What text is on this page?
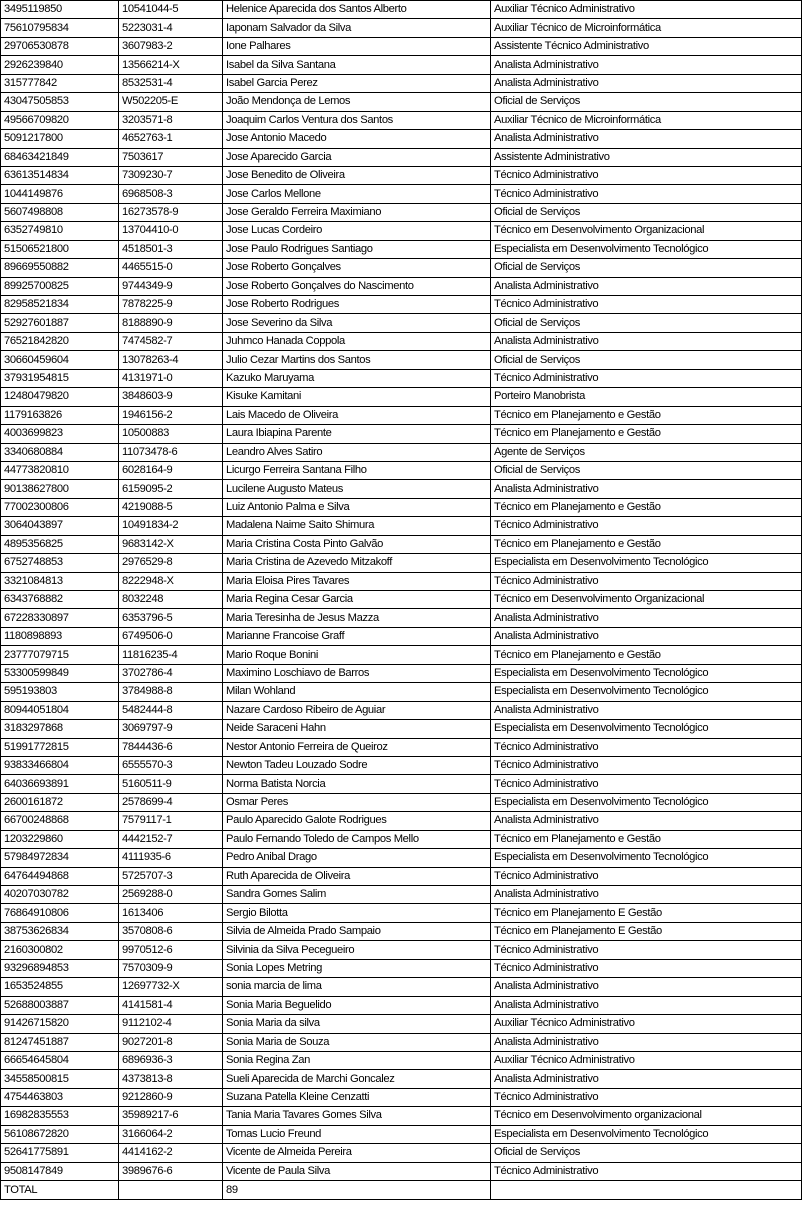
3495119850	10541044-5	Helenice Aparecida dos Santos Alberto	Auxiliar Técnico Administrativo
75610795834	5223031-4	Iaponam Salvador da Silva	Auxiliar Técnico de Microinformática
29706530878	3607983-2	Ione Palhares	Assistente Técnico Administrativo
2926239840	13566214-X	Isabel da Silva Santana	Analista Administrativo
315777842	8532531-4	Isabel Garcia Perez	Analista Administrativo
43047505853	W502205-E	João Mendonça de Lemos	Oficial de Serviços
49566709820	3203571-8	Joaquim Carlos Ventura dos Santos	Auxiliar Técnico de Microinformática
5091217800	4652763-1	Jose Antonio Macedo	Analista Administrativo
68463421849	7503617	Jose Aparecido Garcia	Assistente Administrativo
63613514834	7309230-7	Jose Benedito de Oliveira	Técnico Administrativo
1044149876	6968508-3	Jose Carlos Mellone	Técnico Administrativo
5607498808	16273578-9	Jose Geraldo Ferreira Maximiano	Oficial de Serviços
6352749810	13704410-0	Jose Lucas Cordeiro	Técnico em Desenvolvimento Organizacional
51506521800	4518501-3	Jose Paulo Rodrigues Santiago	Especialista em Desenvolvimento Tecnológico
89669550882	4465515-0	Jose Roberto Gonçalves	Oficial de Serviços
89925700825	9744349-9	Jose Roberto Gonçalves do Nascimento	Analista Administrativo
82958521834	7878225-9	Jose Roberto Rodrigues	Técnico Administrativo
52927601887	8188890-9	Jose Severino da Silva	Oficial de Serviços
76521842820	7474582-7	Juhmco Hanada Coppola	Analista Administrativo
30660459604	13078263-4	Julio Cezar Martins dos Santos	Oficial de Serviços
37931954815	4131971-0	Kazuko Maruyama	Técnico Administrativo
12480479820	3848603-9	Kisuke Kamitani	Porteiro Manobrista
1179163826	1946156-2	Lais Macedo de Oliveira	Técnico em Planejamento e Gestão
4003699823	10500883	Laura Ibiapina Parente	Técnico em Planejamento e Gestão
3340680884	11073478-6	Leandro Alves Satiro	Agente de Serviços
44773820810	6028164-9	Licurgo Ferreira Santana Filho	Oficial de Serviços
90138627800	6159095-2	Lucilene Augusto Mateus	Analista Administrativo
77002300806	4219088-5	Luiz Antonio Palma e Silva	Técnico em Planejamento e Gestão
3064043897	10491834-2	Madalena Naime Saito Shimura	Técnico Administrativo
4895356825	9683142-X	Maria Cristina Costa Pinto Galvão	Técnico em Planejamento e Gestão
6752748853	2976529-8	Maria Cristina de Azevedo Mitzakoff	Especialista em Desenvolvimento Tecnológico
3321084813	8222948-X	Maria Eloisa Pires Tavares	Técnico Administrativo
6343768882	8032248	Maria Regina Cesar Garcia	Técnico em Desenvolvimento Organizacional
67228330897	6353796-5	Maria Teresinha de Jesus Mazza	Analista Administrativo
1180898893	6749506-0	Marianne Francoise Graff	Analista Administrativo
23777079715	11816235-4	Mario Roque Bonini	Técnico em Planejamento e Gestão
53300599849	3702786-4	Maximino Loschiavo de Barros	Especialista em Desenvolvimento Tecnológico
595193803	3784988-8	Milan Wohland	Especialista em Desenvolvimento Tecnológico
80944051804	5482444-8	Nazare Cardoso Ribeiro de Aguiar	Analista Administrativo
3183297868	3069797-9	Neide Saraceni Hahn	Especialista em Desenvolvimento Tecnológico
51991772815	7844436-6	Nestor Antonio Ferreira de Queiroz	Técnico Administrativo
93833466804	6555570-3	Newton Tadeu Louzado Sodre	Técnico Administrativo
64036693891	5160511-9	Norma Batista Norcia	Técnico Administrativo
2600161872	2578699-4	Osmar Peres	Especialista em Desenvolvimento Tecnológico
66700248868	7579117-1	Paulo Aparecido Galote Rodrigues	Analista Administrativo
1203229860	4442152-7	Paulo Fernando Toledo de Campos Mello	Técnico em Planejamento e Gestão
57984972834	4111935-6	Pedro Anibal Drago	Especialista em Desenvolvimento Tecnológico
64764494868	5725707-3	Ruth Aparecida de Oliveira	Técnico Administrativo
40207030782	2569288-0	Sandra Gomes Salim	Analista Administrativo
76864910806	1613406	Sergio Bilotta	Técnico em Planejamento E Gestão
38753626834	3570808-6	Silvia de Almeida Prado Sampaio	Técnico em Planejamento E Gestão
2160300802	9970512-6	Silvinia da Silva Pecegueiro	Técnico Administrativo
93296894853	7570309-9	Sonia Lopes Metring	Técnico Administrativo
1653524855	12697732-X	sonia marcia de lima	Analista Administrativo
52688003887	4141581-4	Sonia Maria Beguelido	Analista Administrativo
91426715820	9112102-4	Sonia Maria da silva	Auxiliar Técnico Administrativo
81247451887	9027201-8	Sonia Maria de Souza	Analista Administrativo
66654645804	6896936-3	Sonia Regina Zan	Auxiliar Técnico Administrativo
34558500815	4373813-8	Sueli Aparecida de Marchi Goncalez	Analista Administrativo
4754463803	9212860-9	Suzana Patella Kleine Cenzatti	Técnico Administrativo
16982835553	35989217-6	Tania Maria Tavares Gomes Silva	Técnico em Desenvolvimento organizacional
56108672820	3166064-2	Tomas Lucio Freund	Especialista em Desenvolvimento Tecnológico
52641775891	4414162-2	Vicente de Almeida Pereira	Oficial de Serviços
9508147849	3989676-6	Vicente de Paula Silva	Técnico Administrativo
TOTAL		89	
